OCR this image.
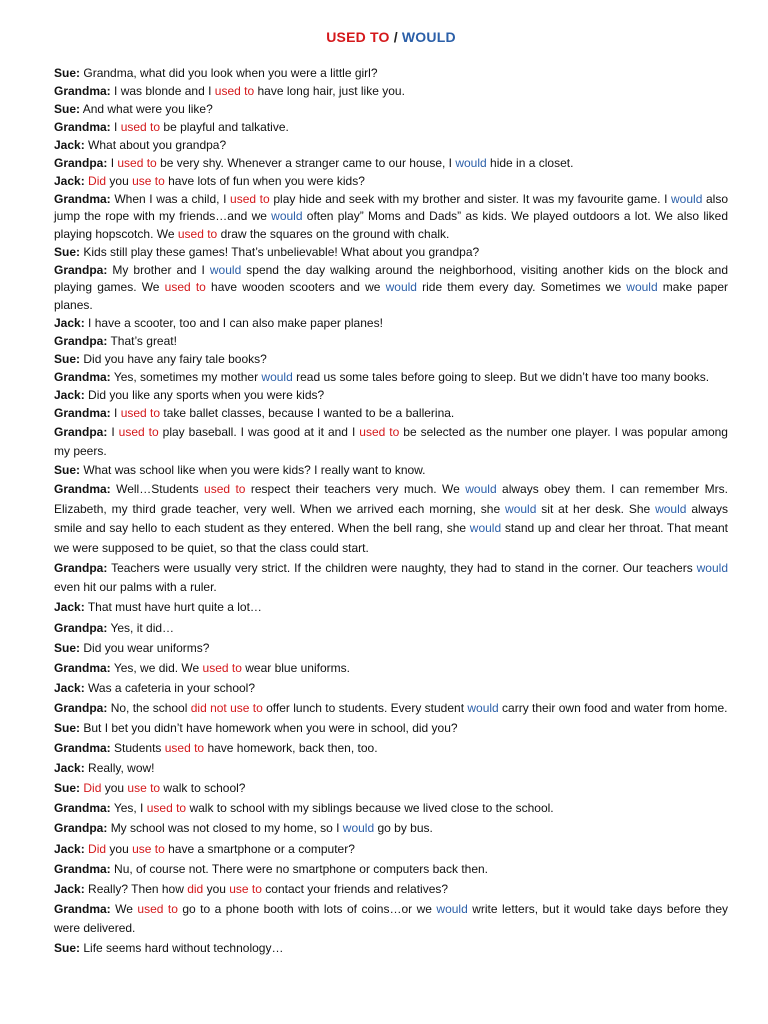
USED TO / WOULD

Sue: Grandma, what did you look when you were a little girl?

Grandma: I was blonde and I used to have long hair, just like you.

Sue: And what were you like?

Grandma: I used to be playful and talkative.

Jack: What about you grandpa?

Grandpa: I used to be very shy. Whenever a stranger came to our house, I would hide in a closet.

Jack: Did you use to have lots of fun when you were kids?

Grandma: When I was a child, I used to play hide and seek with my brother and sister. It was my favourite game. I would also jump the rope with my friends…and we would often play” Moms and Dads” as kids. We played outdoors a lot. We also liked playing hopscotch. We used to draw the squares on the ground with chalk.

Sue: Kids still play these games! That’s unbelievable! What about you grandpa?

Grandpa: My brother and I would spend the day walking around the neighborhood, visiting another kids on the block and playing games. We used to have wooden scooters and we would ride them every day. Sometimes we would make paper planes.

Jack: I have a scooter, too and I can also make paper planes!

Grandpa: That’s great!

Sue: Did you have any fairy tale books?

Grandma: Yes, sometimes my mother would read us some tales before going to sleep. But we didn’t have too many books.

Jack: Did you like any sports when you were kids?

Grandma: I used to take ballet classes, because I wanted to be a ballerina.

Grandpa: I used to play baseball. I was good at it and I used to be selected as the number one player. I was popular among my peers.

Sue: What was school like when you were kids? I really want to know.

Grandma: Well…Students used to respect their teachers very much. We would always obey them. I can remember Mrs. Elizabeth, my third grade teacher, very well. When we arrived each morning, she would sit at her desk. She would always smile and say hello to each student as they entered. When the bell rang, she would stand up and clear her throat. That meant we were supposed to be quiet, so that the class could start.

Grandpa: Teachers were usually very strict. If the children were naughty, they had to stand in the corner. Our teachers would even hit our palms with a ruler.

Jack: That must have hurt quite a lot…

Grandpa: Yes, it did…

Sue: Did you wear uniforms?

Grandma: Yes, we did. We used to wear blue uniforms.

Jack: Was a cafeteria in your school?

Grandpa: No, the school did not use to offer lunch to students. Every student would carry their own food and water from home.

Sue: But I bet you didn’t have homework when you were in school, did you?

Grandma: Students used to have homework, back then, too.

Jack: Really, wow!

Sue: Did you use to walk to school?

Grandma: Yes, I used to walk to school with my siblings because we lived close to the school.

Grandpa: My school was not closed to my home, so I would go by bus.

Jack: Did you use to have a smartphone or a computer?

Grandma: Nu, of course not. There were no smartphone or computers back then.

Jack: Really? Then how did you use to contact your friends and relatives?

Grandma: We used to go to a phone booth with lots of coins…or we would write letters, but it would take days before they were delivered.

Sue: Life seems hard without technology…
